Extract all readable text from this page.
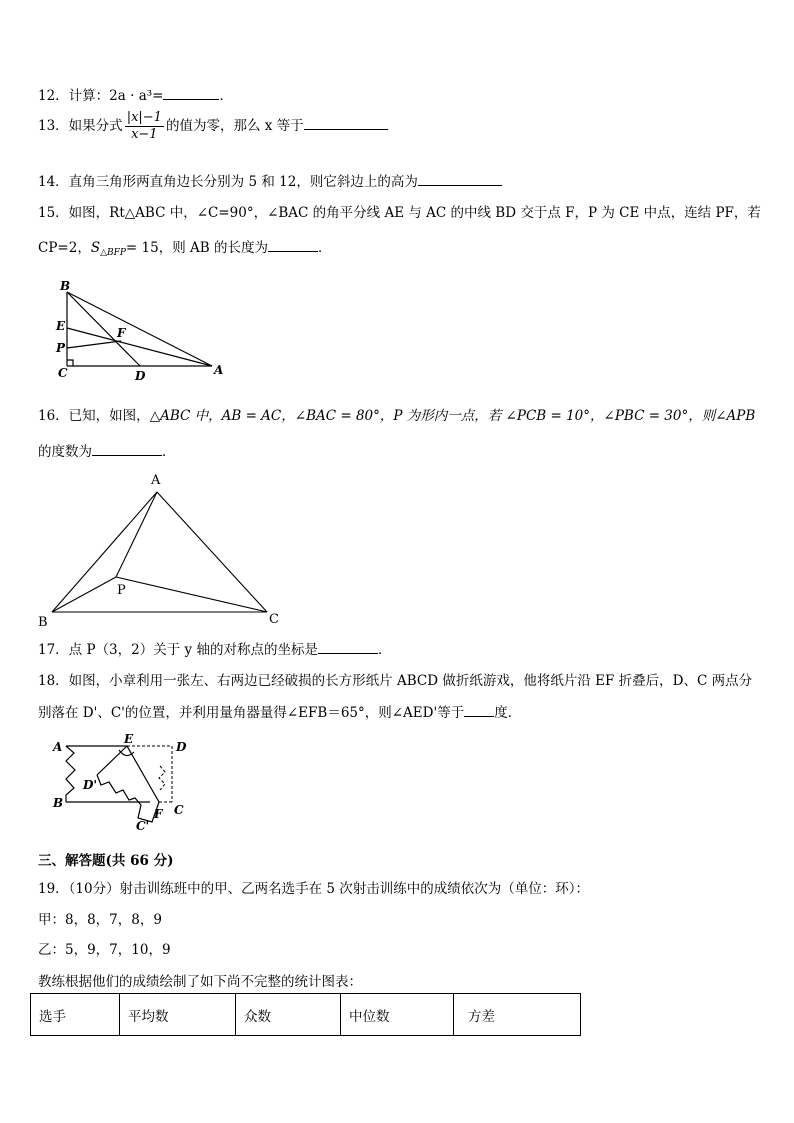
12．计算：2a · a³=	．
13．如果分式 $\frac{|x|-1}{x-1}$ 的值为零，那么 x 等于
14．直角三角形两直角边长分别为 5 和 12，则它斜边上的高为
15．如图，Rt△ABC 中，∠C=90°，∠BAC 的角平分线 AE 与 AC 的中线 BD 交于点 F，P 为 CE 中点，连结 PF，若
CP=2，$S_{\triangle BFP}= 15$，则 AB 的长度为	．
B
E	F
P
C	D	A
16．已知，如图，△ABC 中，AB = AC，∠BAC = 80°，P 为形内一点，若 ∠PCB = 10°，∠PBC = 30°，则∠APB
的度数为	．
A
P
B	C
17．点 P（3，2）关于 y 轴的对称点的坐标是	．
18．如图，小章利用一张左、右两边已经破损的长方形纸片 ABCD 做折纸游戏，他将纸片沿 EF 折叠后，D、C 两点分
别落在 D'、C'的位置，并利用量角器量得∠EFB＝65°，则∠AED'等于 度．
A
E
D
D'
B
F C
C'
三、解答题(共 66 分)
19．（10分）射击训练班中的甲、乙两名选手在 5 次射击训练中的成绩依次为（单位：环）：
甲：8，8，7，8，9
乙：5，9，7，10，9
教练根据他们的成绩绘制了如下尚不完整的统计图表：
选手	平均数	众数	中位数	方差
